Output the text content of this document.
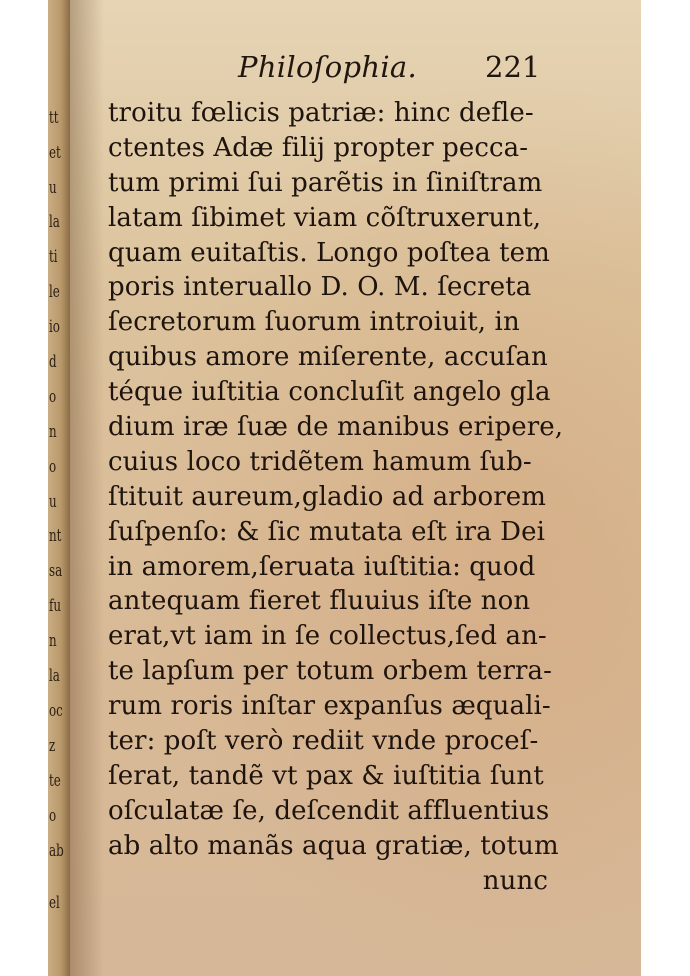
tt
et
u
la
ti
le
io
d
o
n
o
u
nt
sa
fu
n
la
oc
z
te
o
ab
el
Philoſophia. 221
troitu fœlicis patriæ: hinc defle-
ctentes Adæ filij propter pecca-
tum primi ſui parẽtis in ſiniſtram
latam ſibimet viam cõſtruxerunt,
quam euitaſtis. Longo poſtea tem
poris interuallo D. O. M. ſecreta
ſecretorum ſuorum introiuit, in
quibus amore miſerente, accuſan
téque iuſtitia concluſit angelo gla
dium iræ ſuæ de manibus eripere,
cuius loco tridẽtem hamum ſub-
ſtituit aureum,gladio ad arborem
ſuſpenſo: & ſic mutata eſt ira Dei
in amorem,ſeruata iuſtitia: quod
antequam fieret fluuius iſte non
erat,vt iam in ſe collectus,ſed an-
te lapſum per totum orbem terra-
rum roris inſtar expanſus æquali-
ter: poſt verò rediit vnde proceſ-
ſerat, tandẽ vt pax & iuſtitia ſunt
oſculatæ ſe, deſcendit affluentius
ab alto manãs aqua gratiæ, totum
nunc
